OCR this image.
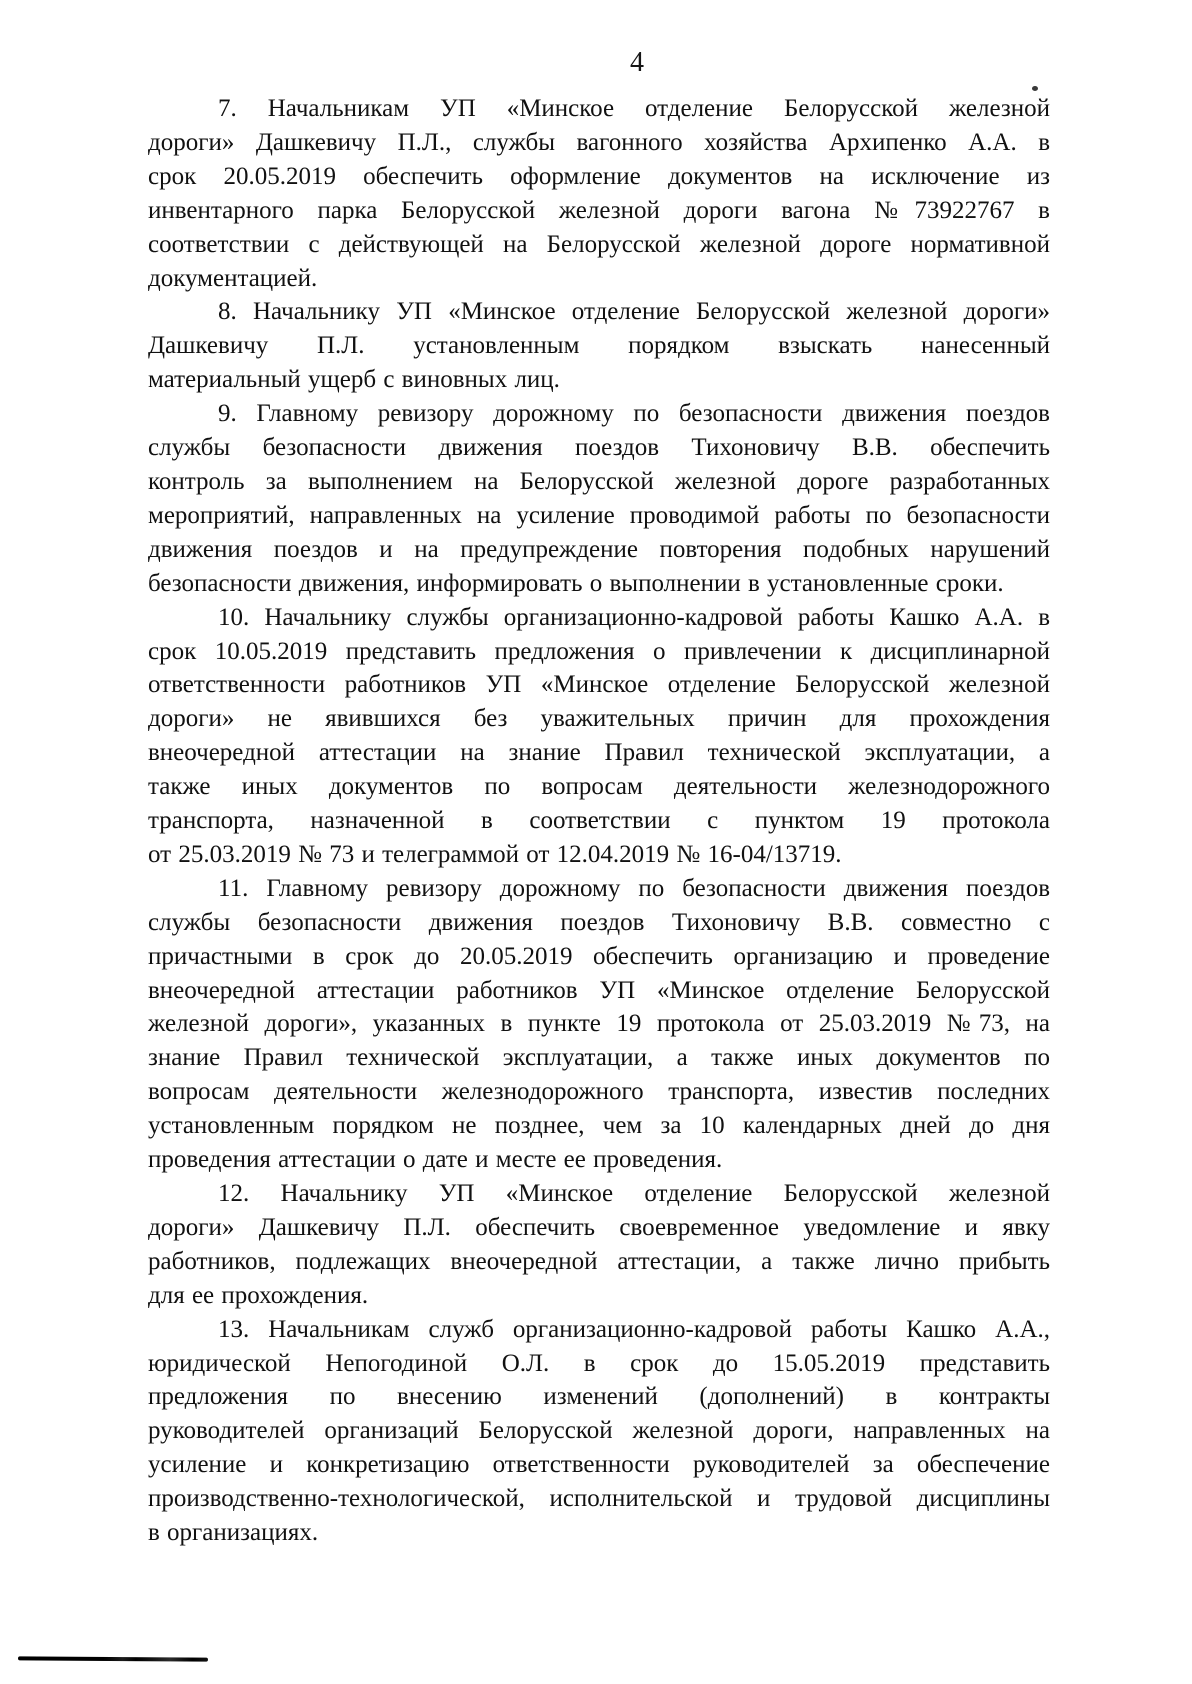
4
7. Начальникам УП «Минское отделение Белорусской железной
дороги» Дашкевичу П.Л., службы вагонного хозяйства Архипенко А.А. в
срок 20.05.2019 обеспечить оформление документов на исключение из
инвентарного парка Белорусской железной дороги вагона №73922767 в
соответствии с действующей на Белорусской железной дороге нормативной
документацией.
8. Начальнику УП «Минское отделение Белорусской железной дороги»
Дашкевичу П.Л. установленным порядком взыскать нанесенный
материальный ущерб с виновных лиц.
9. Главному ревизору дорожному по безопасности движения поездов
службы безопасности движения поездов Тихоновичу В.В. обеспечить
контроль за выполнением на Белорусской железной дороге разработанных
мероприятий, направленных на усиление проводимой работы по безопасности
движения поездов и на предупреждение повторения подобных нарушений
безопасности движения, информировать о выполнении в установленные сроки.
10. Начальнику службы организационно-кадровой работы Кашко А.А. в
срок 10.05.2019 представить предложения о привлечении к дисциплинарной
ответственности работников УП «Минское отделение Белорусской железной
дороги» не явившихся без уважительных причин для прохождения
внеочередной аттестации на знание Правил технической эксплуатации, а
также иных документов по вопросам деятельности железнодорожного
транспорта, назначенной в соответствии с пунктом 19 протокола
от 25.03.2019 № 73 и телеграммой от 12.04.2019 № 16-04/13719.
11. Главному ревизору дорожному по безопасности движения поездов
службы безопасности движения поездов Тихоновичу В.В. совместно с
причастными в срок до 20.05.2019 обеспечить организацию и проведение
внеочередной аттестации работников УП «Минское отделение Белорусской
железной дороги», указанных в пункте 19 протокола от 25.03.2019 №73, на
знание Правил технической эксплуатации, а также иных документов по
вопросам деятельности железнодорожного транспорта, известив последних
установленным порядком не позднее, чем за 10 календарных дней до дня
проведения аттестации о дате и месте ее проведения.
12. Начальнику УП «Минское отделение Белорусской железной
дороги» Дашкевичу П.Л. обеспечить своевременное уведомление и явку
работников, подлежащих внеочередной аттестации, а также лично прибыть
для ее прохождения.
13. Начальникам служб организационно-кадровой работы Кашко А.А.,
юридической Непогодиной О.Л. в срок до 15.05.2019 представить
предложения по внесению изменений (дополнений) в контракты
руководителей организаций Белорусской железной дороги, направленных на
усиление и конкретизацию ответственности руководителей за обеспечение
производственно-технологической, исполнительской и трудовой дисциплины
в организациях.
